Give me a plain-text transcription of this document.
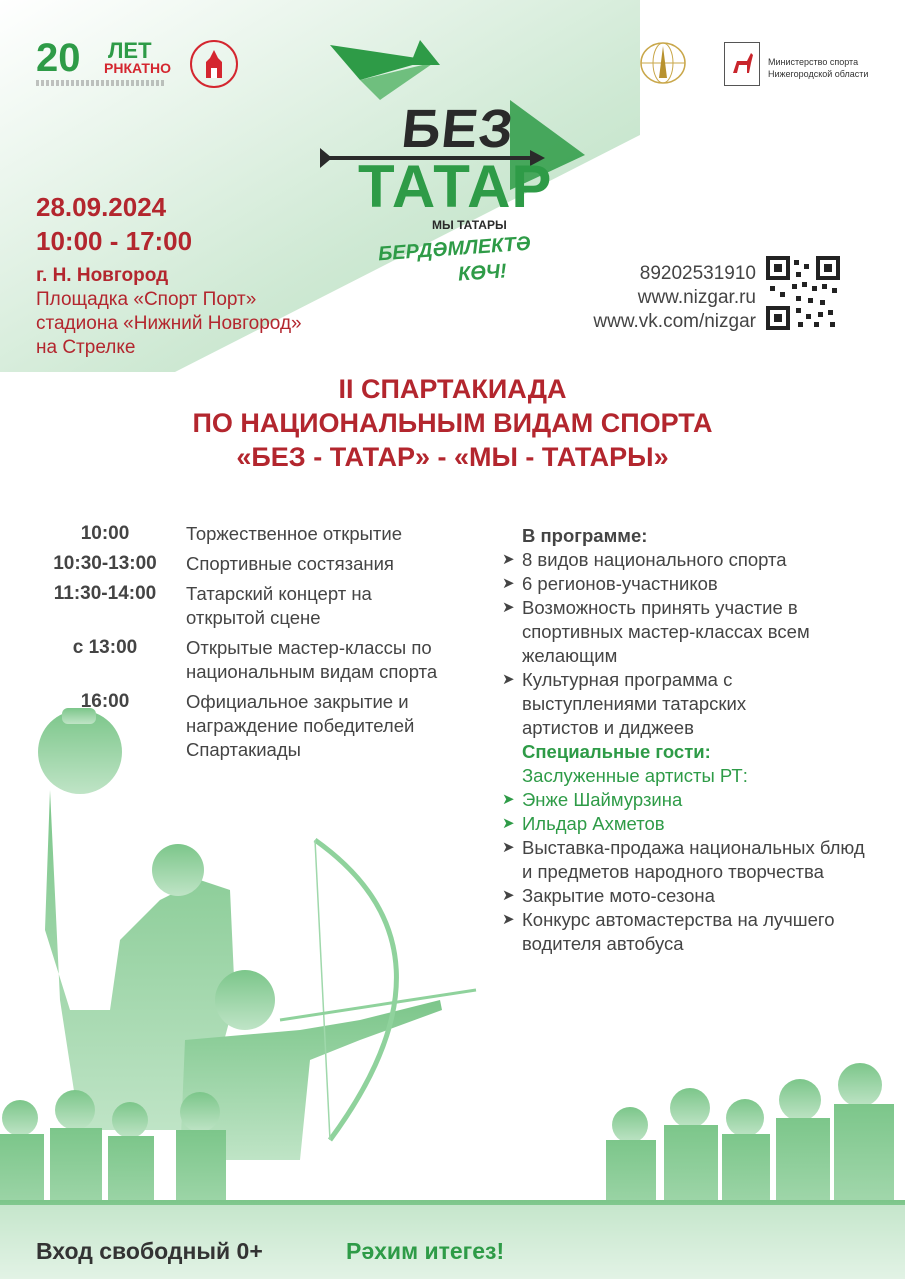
20 ЛЕТ
РНКАТНО	Министерство спорта
Нижегородской области
БЕЗ
ТАТАР
МЫ ТАТАРЫ
БЕРДӘМЛЕКТӘ
КӨЧ!
28.09.2024
10:00 - 17:00
г. Н. Новгород
Площадка «Спорт Порт»
стадиона «Нижний Новгород»
на Стрелке
89202531910
www.nizgar.ru
www.vk.com/nizgar
II СПАРТАКИАДА
ПО НАЦИОНАЛЬНЫМ ВИДАМ СПОРТА
«БЕЗ - ТАТАР» - «МЫ - ТАТАРЫ»
10:00	Торжественное открытие
10:30-13:00	Спортивные состязания
11:30-14:00	Татарский концерт на открытой сцене
с 13:00	Открытые мастер-классы по национальным видам спорта
16:00	Официальное закрытие и награждение победителей Спартакиады
В программе:
➤ 8 видов национального спорта
➤ 6 регионов-участников
➤ Возможность принять участие в спортивных мастер-классах всем желающим
➤ Культурная программа с выступлениями татарских артистов и диджеев
Специальные гости:
Заслуженные артисты РТ:
➤ Энже Шаймурзина
➤ Ильдар Ахметов
➤ Выставка-продажа национальных блюд и предметов народного творчества
➤ Закрытие мото-сезона
➤ Конкурс автомастерства на лучшего водителя автобуса
Вход свободный 0+	Рәхим итегез!
